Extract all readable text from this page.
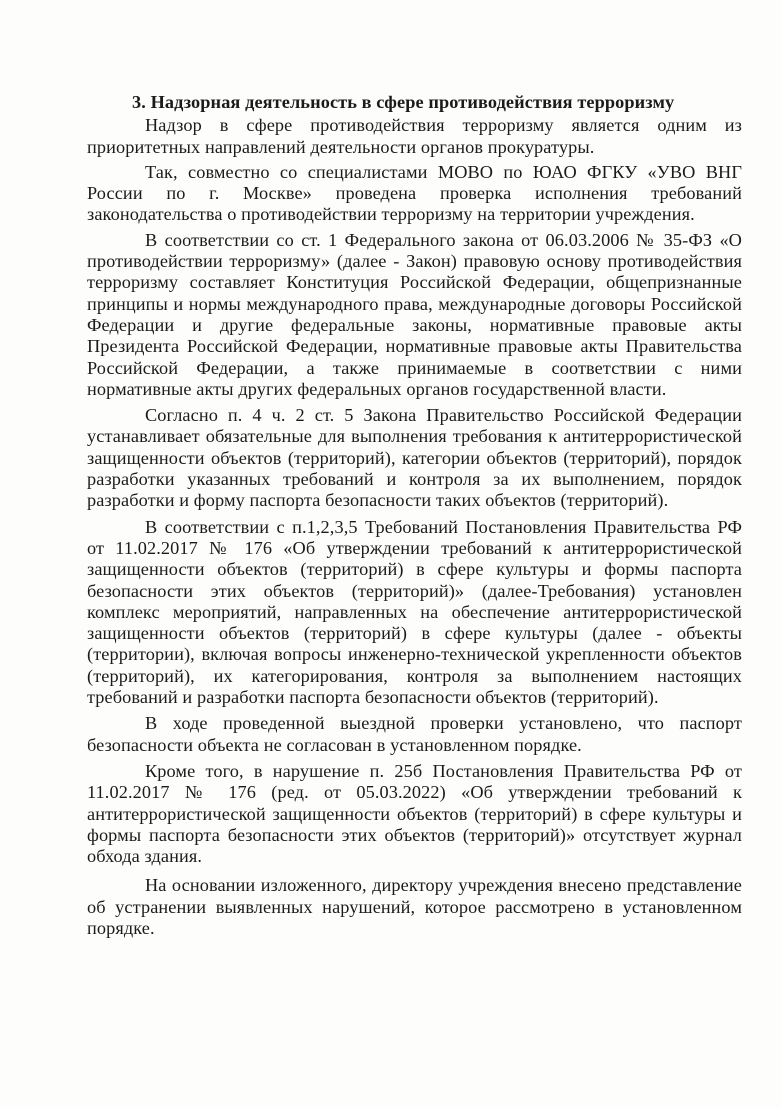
3. Надзорная деятельность в сфере противодействия терроризму

Надзор в сфере противодействия терроризму является одним из приоритетных направлений деятельности органов прокуратуры.

Так, совместно со специалистами МОВО по ЮАО ФГКУ «УВО ВНГ России по г. Москве» проведена проверка исполнения требований законодательства о противодействии терроризму на территории учреждения.

В соответствии со ст. 1 Федерального закона от 06.03.2006 № 35-ФЗ «О противодействии терроризму» (далее - Закон) правовую основу противодействия терроризму составляет Конституция Российской Федерации, общепризнанные принципы и нормы международного права, международные договоры Российской Федерации и другие федеральные законы, нормативные правовые акты Президента Российской Федерации, нормативные правовые акты Правительства Российской Федерации, а также принимаемые в соответствии с ними нормативные акты других федеральных органов государственной власти.

Согласно п. 4 ч. 2 ст. 5 Закона Правительство Российской Федерации устанавливает обязательные для выполнения требования к антитеррористической защищенности объектов (территорий), категории объектов (территорий), порядок разработки указанных требований и контроля за их выполнением, порядок разработки и форму паспорта безопасности таких объектов (территорий).

В соответствии с п.1,2,3,5 Требований Постановления Правительства РФ от 11.02.2017 № 176 «Об утверждении требований к антитеррористической защищенности объектов (территорий) в сфере культуры и формы паспорта безопасности этих объектов (территорий)» (далее-Требования) установлен комплекс мероприятий, направленных на обеспечение антитеррористической защищенности объектов (территорий) в сфере культуры (далее - объекты (территории), включая вопросы инженерно-технической укрепленности объектов (территорий), их категорирования, контроля за выполнением настоящих требований и разработки паспорта безопасности объектов (территорий).

В ходе проведенной выездной проверки установлено, что паспорт безопасности объекта не согласован в установленном порядке.

Кроме того, в нарушение п. 25б Постановления Правительства РФ от 11.02.2017 № 176 (ред. от 05.03.2022) «Об утверждении требований к антитеррористической защищенности объектов (территорий) в сфере культуры и формы паспорта безопасности этих объектов (территорий)» отсутствует журнал обхода здания.

На основании изложенного, директору учреждения внесено представление об устранении выявленных нарушений, которое рассмотрено в установленном порядке.
